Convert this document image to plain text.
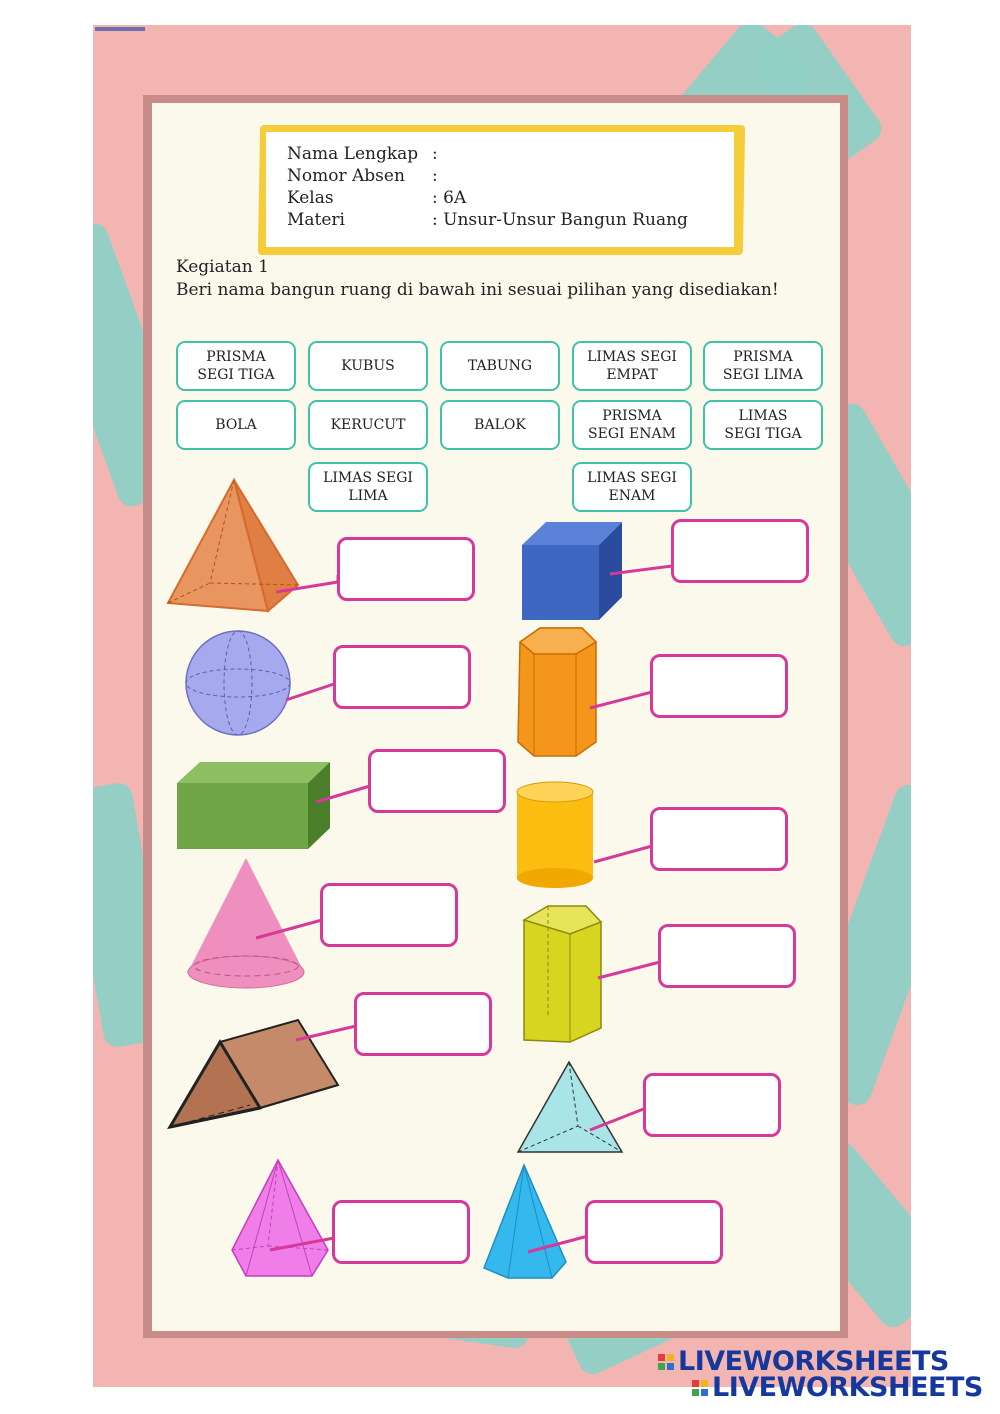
Nama Lengkap :
Nomor Absen :
Kelas	: 6A
Materi	: Unsur-Unsur Bangun Ruang
Kegiatan 1
Beri nama bangun ruang di bawah ini sesuai pilihan yang disediakan!
PRISMA
SEGI TIGA
KUBUS	TABUNG
LIMAS SEGI
EMPAT
PRISMA
SEGI LIMA
BOLA	KERUCUT	BALOK
PRISMA
SEGI ENAM
LIMAS
SEGI TIGA
LIMAS SEGI
LIMA
LIMAS SEGI
ENAM
LIVEWORKSHEETS
LIVEWORKSHEETS
